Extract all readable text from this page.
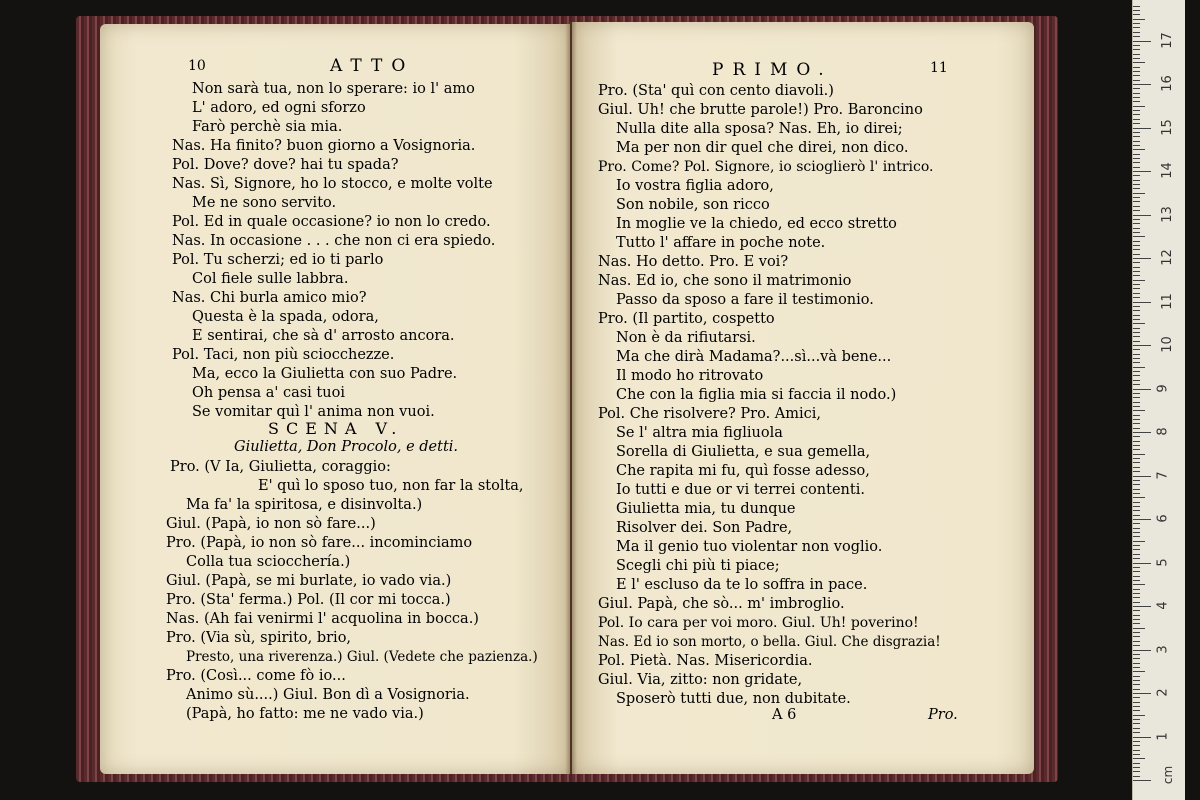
10	ATTO
Non sarà tua, non lo sperare: io l' amo
L' adoro, ed ogni sforzo
Farò perchè sia mia.
Nas. Ha finito? buon giorno a Vosignoria.
Pol. Dove? dove? hai tu spada?
Nas. Sì, Signore, ho lo stocco, e molte volte
Me ne sono servito.
Pol. Ed in quale occasione? io non lo credo.
Nas. In occasione . . . che non ci era spiedo.
Pol. Tu scherzi; ed io ti parlo
Col fiele sulle labbra.
Nas. Chi burla amico mio?
Questa è la spada, odora,
E sentirai, che sà d' arrosto ancora.
Pol. Taci, non più sciocchezze.
Ma, ecco la Giulietta con suo Padre.
Oh pensa a' casi tuoi
Se vomitar quì l' anima non vuoi.
SCENA V.
Giulietta, Don Procolo, e detti.
Pro. (V Ia, Giulietta, coraggio:
E' quì lo sposo tuo, non far la stolta,
Ma fa' la spiritosa, e disinvolta.)
Giul. (Papà, io non sò fare...)
Pro. (Papà, io non sò fare... incominciamo
Colla tua sciocchería.)
Giul. (Papà, se mi burlate, io vado via.)
Pro. (Sta' ferma.) Pol. (Il cor mi tocca.)
Nas. (Ah fai venirmi l' acquolina in bocca.)
Pro. (Via sù, spirito, brio,
Presto, una riverenza.) Giul. (Vedete che pazienza.)
Pro. (Così... come fò io...
Animo sù....) Giul. Bon dì a Vosignoria.
(Papà, ho fatto: me ne vado via.)
PRIMO.	11
Pro. (Sta' quì con cento diavoli.)
Giul. Uh! che brutte parole!) Pro. Baroncino
Nulla dite alla sposa? Nas. Eh, io direi;
Ma per non dir quel che direi, non dico.
Pro. Come? Pol. Signore, io scioglierò l' intrico.
Io vostra figlia adoro,
Son nobile, son ricco
In moglie ve la chiedo, ed ecco stretto
Tutto l' affare in poche note.
Nas. Ho detto. Pro. E voi?
Nas. Ed io, che sono il matrimonio
Passo da sposo a fare il testimonio.
Pro. (Il partito, cospetto
Non è da rifiutarsi.
Ma che dirà Madama?...sì...và bene...
Il modo ho ritrovato
Che con la figlia mia si faccia il nodo.)
Pol. Che risolvere? Pro. Amici,
Se l' altra mia figliuola
Sorella di Giulietta, e sua gemella,
Che rapita mi fu, quì fosse adesso,
Io tutti e due or vi terrei contenti.
Giulietta mia, tu dunque
Risolver dei. Son Padre,
Ma il genio tuo violentar non voglio.
Scegli chi più ti piace;
E l' escluso da te lo soffra in pace.
Giul. Papà, che sò... m' imbroglio.
Pol. Io cara per voi moro. Giul. Uh! poverino!
Nas. Ed io son morto, o bella. Giul. Che disgrazia!
Pol. Pietà. Nas. Misericordia.
Giul. Via, zitto: non gridate,
Sposerò tutti due, non dubitate.
A 6	Pro.
cm
1
2
3
4
5
6
7
8
9
10
11
12
13
14
15
16
17
